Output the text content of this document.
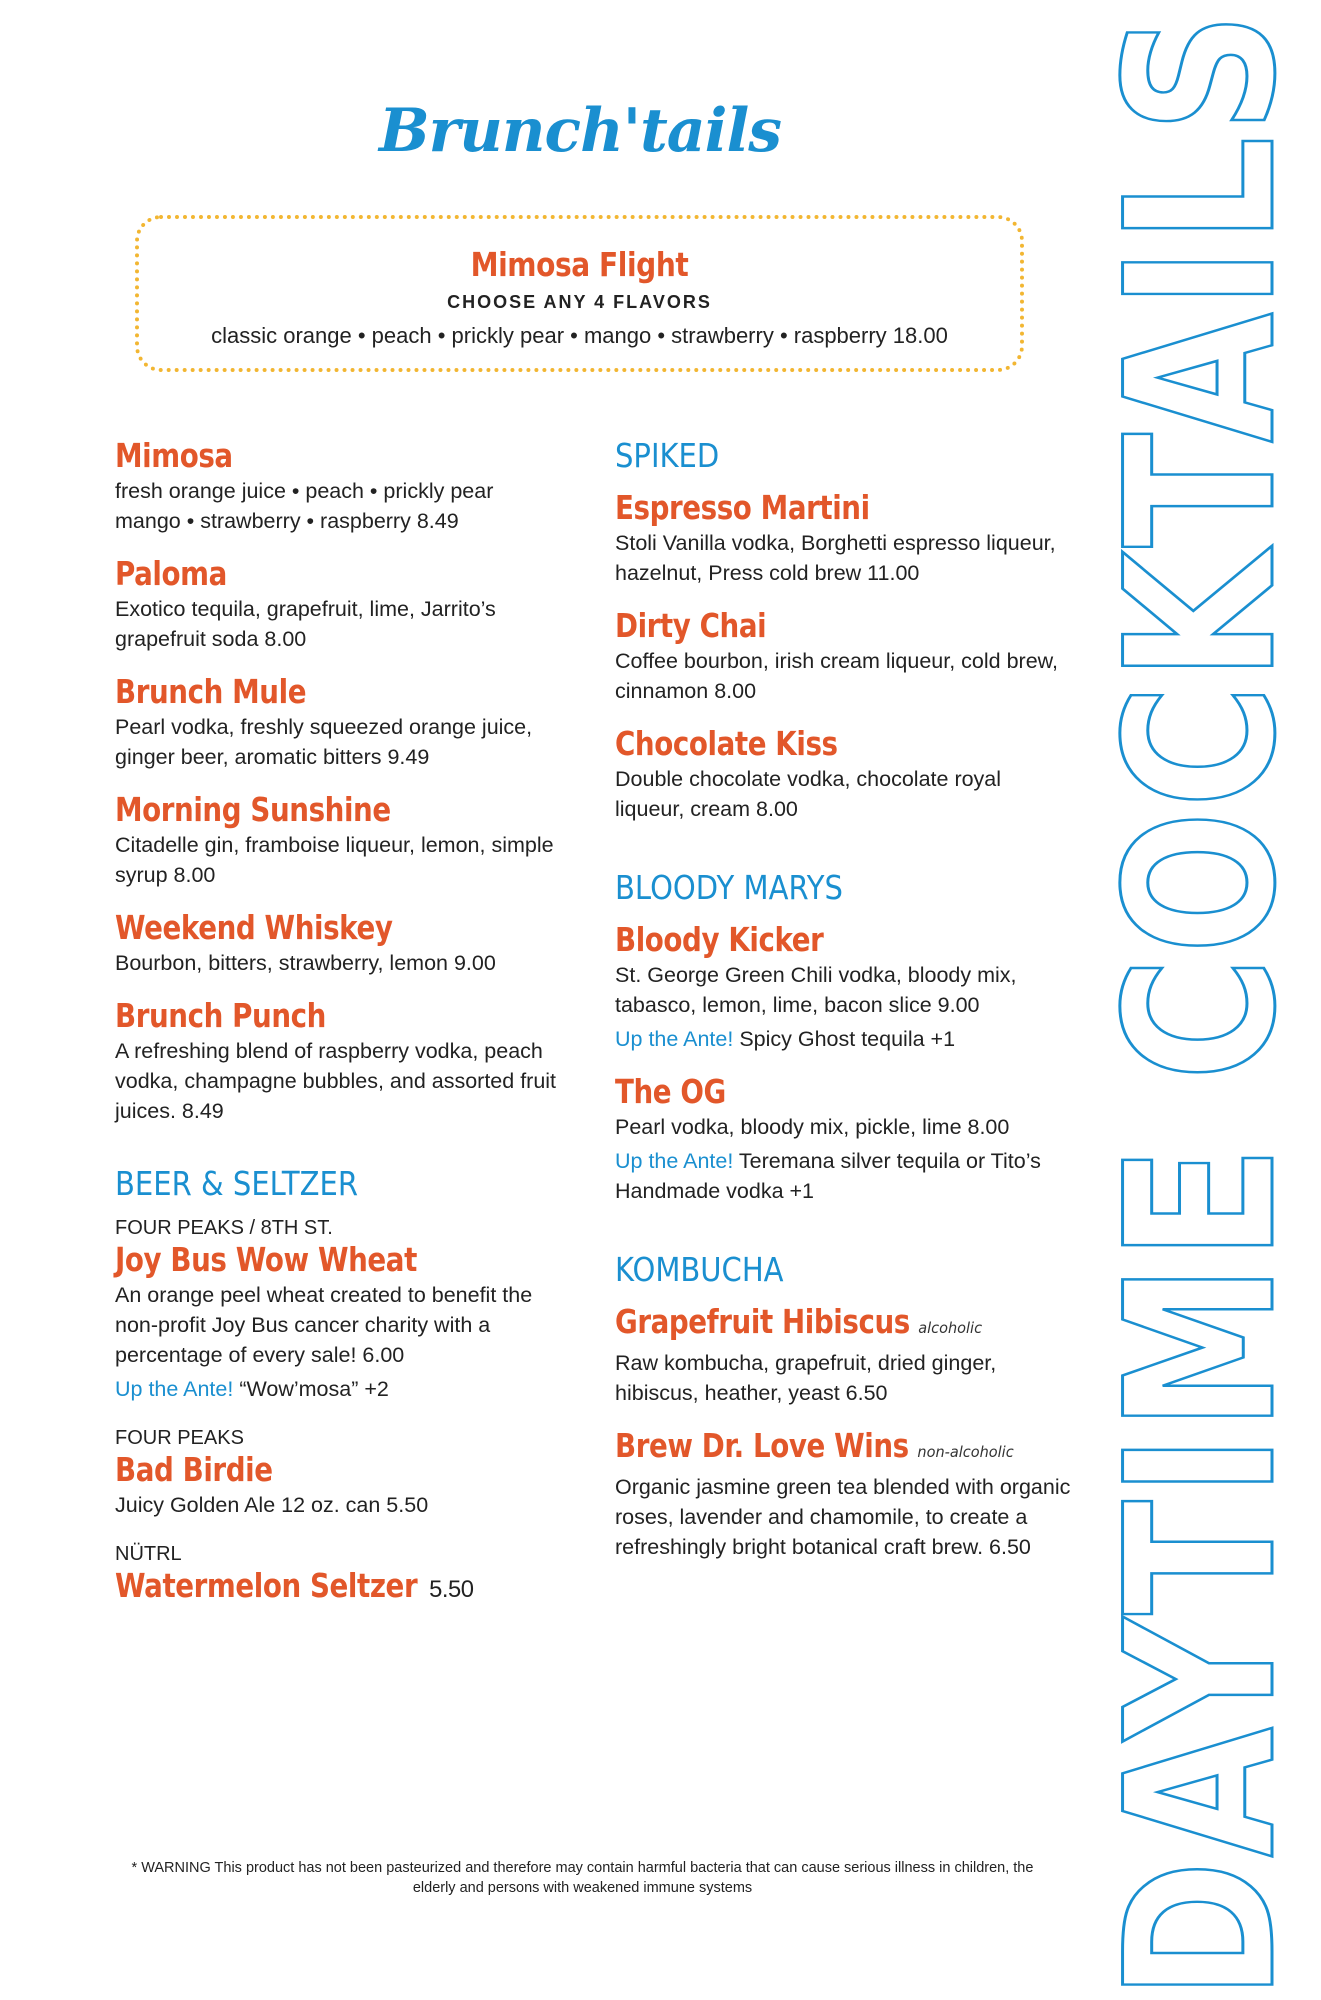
Brunch'tails
Mimosa Flight
CHOOSE ANY 4 FLAVORS
classic orange • peach • prickly pear • mango • strawberry • raspberry 18.00
Mimosa
fresh orange juice • peach • prickly pear mango • strawberry • raspberry 8.49
Paloma
Exotico tequila, grapefruit, lime, Jarrito’s grapefruit soda 8.00
Brunch Mule
Pearl vodka, freshly squeezed orange juice, ginger beer, aromatic bitters 9.49
Morning Sunshine
Citadelle gin, framboise liqueur, lemon, simple syrup 8.00
Weekend Whiskey
Bourbon, bitters, strawberry, lemon 9.00
Brunch Punch
A refreshing blend of raspberry vodka, peach vodka, champagne bubbles, and assorted fruit juices. 8.49
BEER & SELTZER
FOUR PEAKS / 8TH ST.
Joy Bus Wow Wheat
An orange peel wheat created to benefit the non-profit Joy Bus cancer charity with a percentage of every sale! 6.00
Up the Ante! “Wow’mosa” +2
FOUR PEAKS
Bad Birdie
Juicy Golden Ale 12 oz. can 5.50
NÜTRL
Watermelon Seltzer 5.50
SPIKED
Espresso Martini
Stoli Vanilla vodka, Borghetti espresso liqueur, hazelnut, Press cold brew 11.00
Dirty Chai
Coffee bourbon, irish cream liqueur, cold brew, cinnamon 8.00
Chocolate Kiss
Double chocolate vodka, chocolate royal liqueur, cream 8.00
BLOODY MARYS
Bloody Kicker
St. George Green Chili vodka, bloody mix, tabasco, lemon, lime, bacon slice 9.00
Up the Ante! Spicy Ghost tequila +1
The OG
Pearl vodka, bloody mix, pickle, lime 8.00
Up the Ante! Teremana silver tequila or Tito’s Handmade vodka +1
KOMBUCHA
Grapefruit Hibiscus alcoholic
Raw kombucha, grapefruit, dried ginger, hibiscus, heather, yeast 6.50
Brew Dr. Love Wins non-alcoholic
Organic jasmine green tea blended with organic roses, lavender and chamomile, to create a refreshingly bright botanical craft brew. 6.50
* WARNING This product has not been pasteurized and therefore may contain harmful bacteria that can cause serious illness in children, the elderly and persons with weakened immune systems	DAYTIME COCKTAILS
